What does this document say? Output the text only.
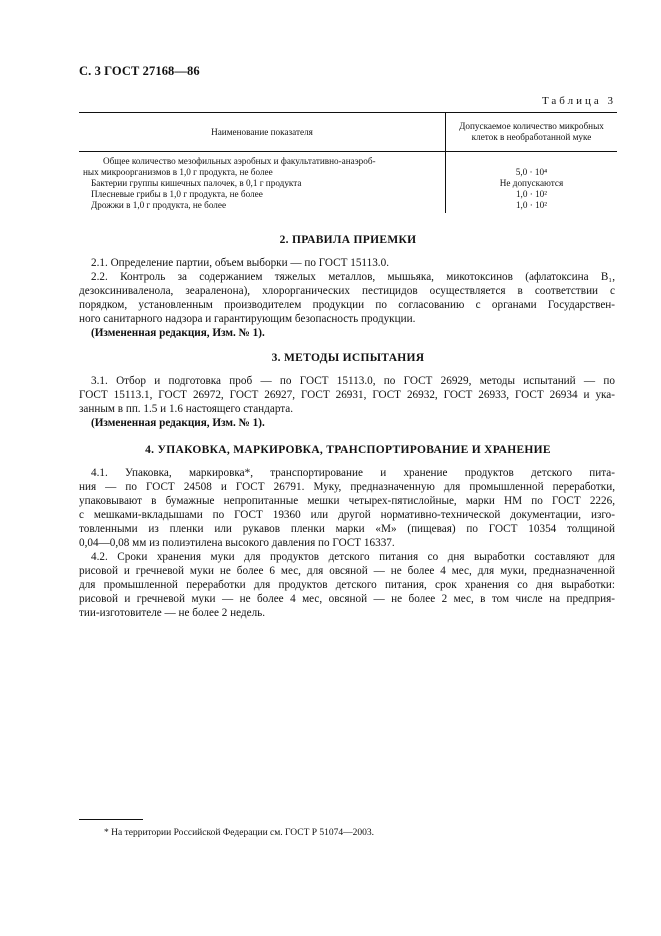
С. 3 ГОСТ 27168—86
Таблица 3
Наименование показателя	Допускаемое количество микробных
клеток в необработанной муке

Общее количество мезофильных аэробных и факультативно-анаэроб-
ных микроорганизмов в 1,0 г продукта, не более	5,0 · 10⁴
Бактерии группы кишечных палочек, в 0,1 г продукта	Не допускаются
Плесневые грибы в 1,0 г продукта, не более	1,0 · 10²
Дрожжи в 1,0 г продукта, не более	1,0 · 10²
2. ПРАВИЛА ПРИЕМКИ
2.1. Определение партии, объем выборки — по ГОСТ 15113.0.
2.2. Контроль за содержанием тяжелых металлов, мышьяка, микотоксинов (афлатоксина B₁,
дезоксиниваленола, зеараленона), хлорорганических пестицидов осуществляется в соответствии с
порядком, установленным производителем продукции по согласованию с органами Государствен-
ного санитарного надзора и гарантирующим безопасность продукции.
(Измененная редакция, Изм. № 1).
3. МЕТОДЫ ИСПЫТАНИЯ
3.1. Отбор и подготовка проб — по ГОСТ 15113.0, по ГОСТ 26929, методы испытаний — по
ГОСТ 15113.1, ГОСТ 26972, ГОСТ 26927, ГОСТ 26931, ГОСТ 26932, ГОСТ 26933, ГОСТ 26934 и ука-
занным в пп. 1.5 и 1.6 настоящего стандарта.
(Измененная редакция, Изм. № 1).
4. УПАКОВКА, МАРКИРОВКА, ТРАНСПОРТИРОВАНИЕ И ХРАНЕНИЕ
4.1. Упаковка, маркировка*, транспортирование и хранение продуктов детского пита-
ния — по ГОСТ 24508 и ГОСТ 26791. Муку, предназначенную для промышленной переработки,
упаковывают в бумажные непропитанные мешки четырех-пятислойные, марки НМ по ГОСТ 2226,
с мешками-вкладышами по ГОСТ 19360 или другой нормативно-технической документации, изго-
товленными из пленки или рукавов пленки марки «М» (пищевая) по ГОСТ 10354 толщиной
0,04—0,08 мм из полиэтилена высокого давления по ГОСТ 16337.
4.2. Сроки хранения муки для продуктов детского питания со дня выработки составляют для
рисовой и гречневой муки не более 6 мес, для овсяной — не более 4 мес, для муки, предназначенной
для промышленной переработки для продуктов детского питания, срок хранения со дня выработки:
рисовой и гречневой муки — не более 4 мес, овсяной — не более 2 мес, в том числе на предприя-
тии-изготовителе — не более 2 недель.
* На территории Российской Федерации см. ГОСТ Р 51074—2003.
